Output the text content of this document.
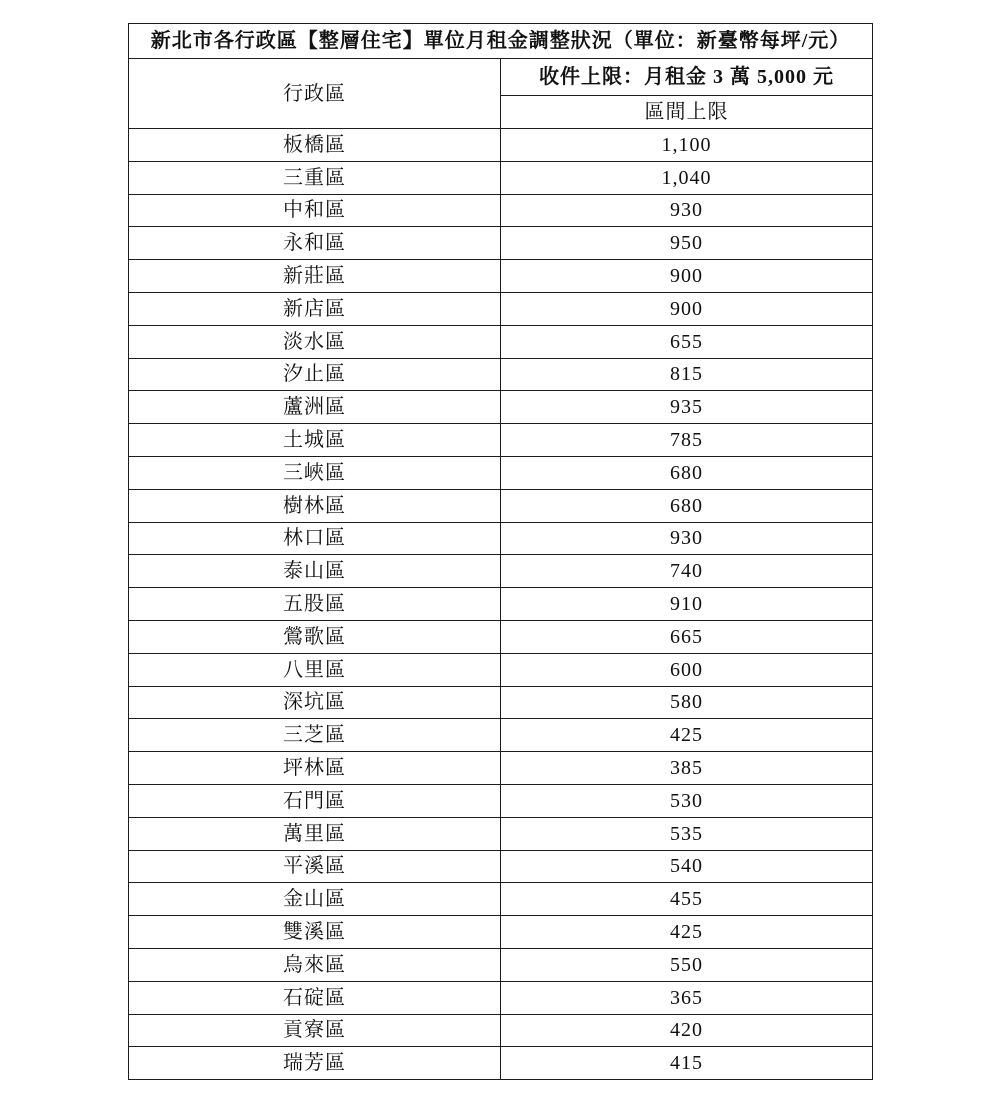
新北市各行政區【整層住宅】單位月租金調整狀況（單位：新臺幣每坪/元）	
行政區	收件上限：月租金 3 萬 5,000 元
	區間上限
板橋區	1,100
三重區	1,040
中和區	930
永和區	950
新莊區	900
新店區	900
淡水區	655
汐止區	815
蘆洲區	935
土城區	785
三峽區	680
樹林區	680
林口區	930
泰山區	740
五股區	910
鶯歌區	665
八里區	600
深坑區	580
三芝區	425
坪林區	385
石門區	530
萬里區	535
平溪區	540
金山區	455
雙溪區	425
烏來區	550
石碇區	365
貢寮區	420
瑞芳區	415
